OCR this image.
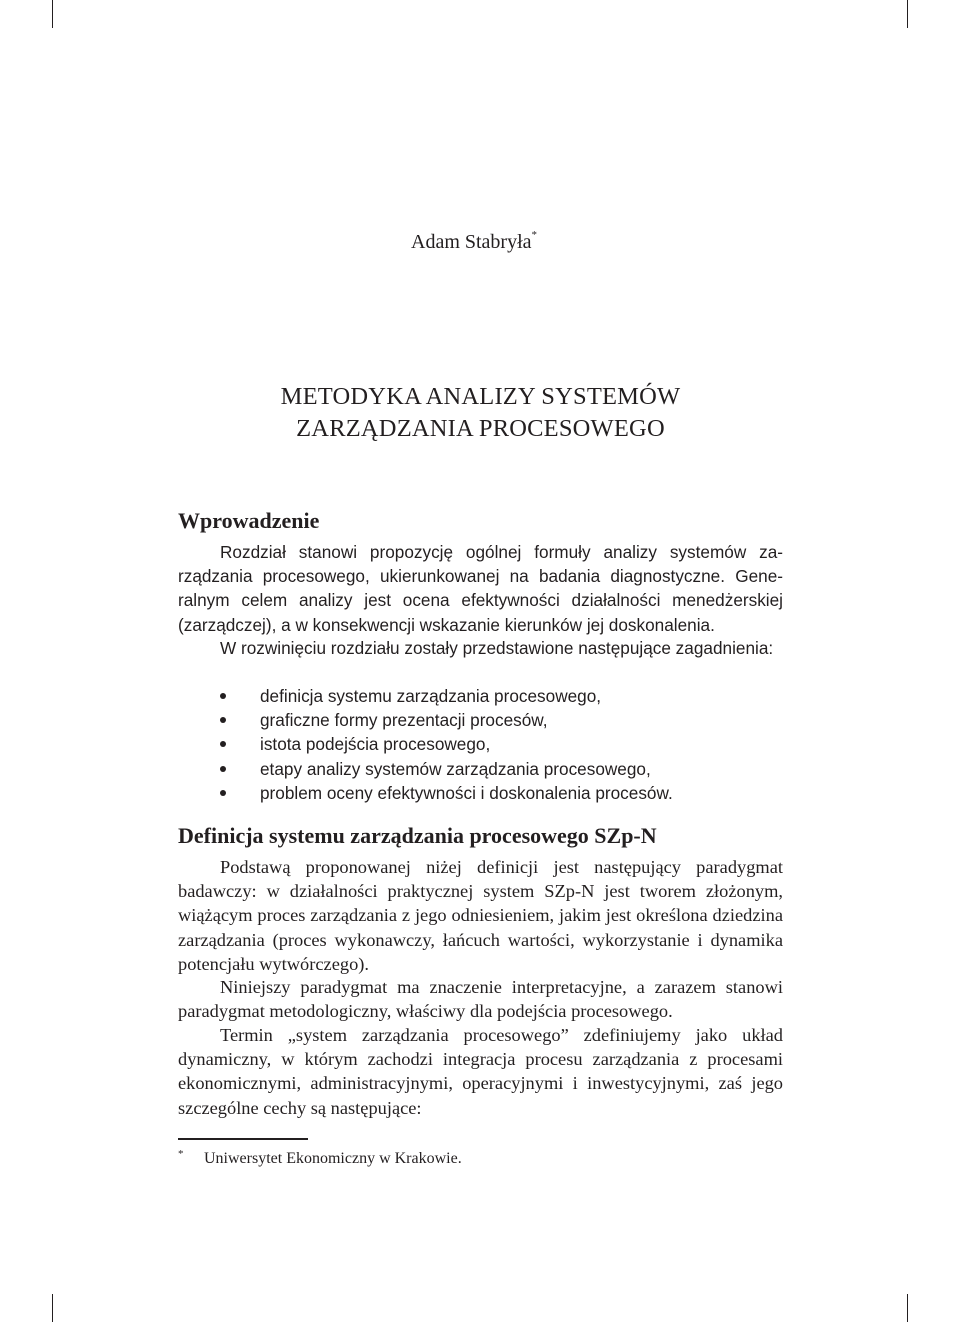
Adam Stabryła*
METODYKA ANALIZY SYSTEMÓW
ZARZĄDZANIA PROCESOWEGO
Wprowadzenie

Rozdział stanowi propozycję ogólnej formuły analizy systemów zarządzania procesowego, ukierunkowanej na badania diagnostyczne. Generalnym celem analizy jest ocena efektywności działalności menedżerskiej (zarządczej), a w konsekwencji wskazanie kierunków jej doskonalenia.

W rozwinięciu rozdziału zostały przedstawione następujące zagadnienia:

definicja systemu zarządzania procesowego,
graficzne formy prezentacji procesów,
istota podejścia procesowego,
etapy analizy systemów zarządzania procesowego,
problem oceny efektywności i doskonalenia procesów.
Definicja systemu zarządzania procesowego SZp-N

Podstawą proponowanej niżej definicji jest następujący paradygmat badawczy: w działalności praktycznej system SZp-N jest tworem złożonym, wiążącym proces zarządzania z jego odniesieniem, jakim jest określona dziedzina zarządzania (proces wykonawczy, łańcuch wartości, wykorzystanie i dynamika potencjału wytwórczego).

Niniejszy paradygmat ma znaczenie interpretacyjne, a zarazem stanowi paradygmat metodologiczny, właściwy dla podejścia procesowego.

Termin „system zarządzania procesowego” zdefiniujemy jako układ dynamiczny, w którym zachodzi integracja procesu zarządzania z procesami ekonomicznymi, administracyjnymi, operacyjnymi i inwestycyjnymi, zaś jego szczególne cechy są następujące:

* Uniwersytet Ekonomiczny w Krakowie.
